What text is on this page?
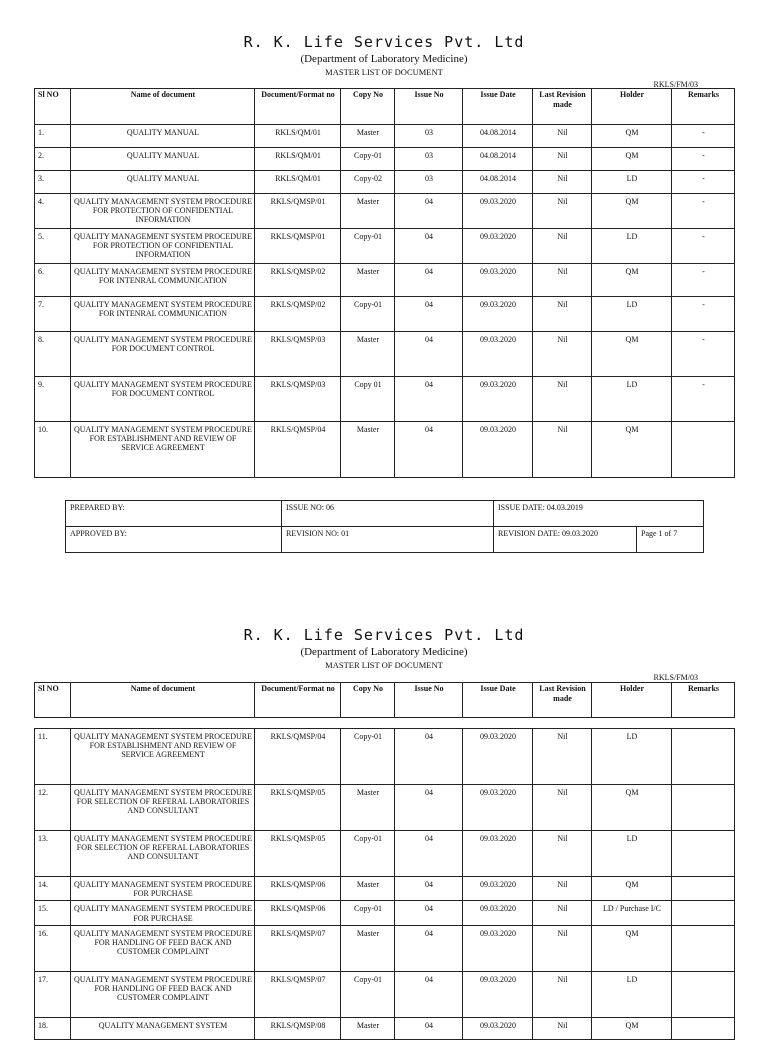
R. K. Life Services Pvt. Ltd
(Department of Laboratory Medicine)
MASTER LIST OF DOCUMENT
RKLS/FM/03
Sl NO	Name of document	Document/Format no	Copy No	Issue No	Issue Date	Last Revision made	Holder	Remarks
1.	QUALITY MANUAL	RKLS/QM/01	Master	03	04.08.2014	Nil	QM	-
2.	QUALITY MANUAL	RKLS/QM/01	Copy-01	03	04.08.2014	Nil	QM	-
3.	QUALITY MANUAL	RKLS/QM/01	Copy-02	03	04.08.2014	Nil	LD	-
4.	QUALITY MANAGEMENT SYSTEM PROCEDURE FOR PROTECTION OF CONFIDENTIAL INFORMATION	RKLS/QMSP/01	Master	04	09.03.2020	Nil	QM	-
5.	QUALITY MANAGEMENT SYSTEM PROCEDURE FOR PROTECTION OF CONFIDENTIAL INFORMATION	RKLS/QMSP/01	Copy-01	04	09.03.2020	Nil	LD	-
6.	QUALITY MANAGEMENT SYSTEM PROCEDURE FOR INTENRAL COMMUNICATION	RKLS/QMSP/02	Master	04	09.03.2020	Nil	QM	-
7.	QUALITY MANAGEMENT SYSTEM PROCEDURE FOR INTENRAL COMMUNICATION	RKLS/QMSP/02	Copy-01	04	09.03.2020	Nil	LD	-
8.	QUALITY MANAGEMENT SYSTEM PROCEDURE FOR DOCUMENT CONTROL	RKLS/QMSP/03	Master	04	09.03.2020	Nil	QM	-
9.	QUALITY MANAGEMENT SYSTEM PROCEDURE FOR DOCUMENT CONTROL	RKLS/QMSP/03	Copy 01	04	09.03.2020	Nil	LD	-
10.	QUALITY MANAGEMENT SYSTEM PROCEDURE FOR ESTABLISHMENT AND REVIEW OF SERVICE AGREEMENT	RKLS/QMSP/04	Master	04	09.03.2020	Nil	QM	
PREPARED BY:	ISSUE NO: 06	ISSUE DATE: 04.03.2019	
APPROVED BY:	REVISION NO: 01	REVISION DATE: 09.03.2020	Page 1 of 7
R. K. Life Services Pvt. Ltd
(Department of Laboratory Medicine)
MASTER LIST OF DOCUMENT
RKLS/FM/03
Sl NO	Name of document	Document/Format no	Copy No	Issue No	Issue Date	Last Revision made	Holder	Remarks
11.	QUALITY MANAGEMENT SYSTEM PROCEDURE FOR ESTABLISHMENT AND REVIEW OF SERVICE AGREEMENT	RKLS/QMSP/04	Copy-01	04	09.03.2020	Nil	LD	
12.	QUALITY MANAGEMENT SYSTEM PROCEDURE FOR SELECTION OF REFERAL LABORATORIES AND CONSULTANT	RKLS/QMSP/05	Master	04	09.03.2020	Nil	QM	
13.	QUALITY MANAGEMENT SYSTEM PROCEDURE FOR SELECTION OF REFERAL LABORATORIES AND CONSULTANT	RKLS/QMSP/05	Copy-01	04	09.03.2020	Nil	LD	
14.	QUALITY MANAGEMENT SYSTEM PROCEDURE FOR PURCHASE	RKLS/QMSP/06	Master	04	09.03.2020	Nil	QM	
15.	QUALITY MANAGEMENT SYSTEM PROCEDURE FOR PURCHASE	RKLS/QMSP/06	Copy-01	04	09.03.2020	Nil	LD / Purchase I/C	
16.	QUALITY MANAGEMENT SYSTEM PROCEDURE FOR HANDLING OF FEED BACK AND CUSTOMER COMPLAINT	RKLS/QMSP/07	Master	04	09.03.2020	Nil	QM	
17.	QUALITY MANAGEMENT SYSTEM PROCEDURE FOR HANDLING OF FEED BACK AND CUSTOMER COMPLAINT	RKLS/QMSP/07	Copy-01	04	09.03.2020	Nil	LD	
18.	QUALITY MANAGEMENT SYSTEM	RKLS/QMSP/08	Master	04	09.03.2020	Nil	QM	
